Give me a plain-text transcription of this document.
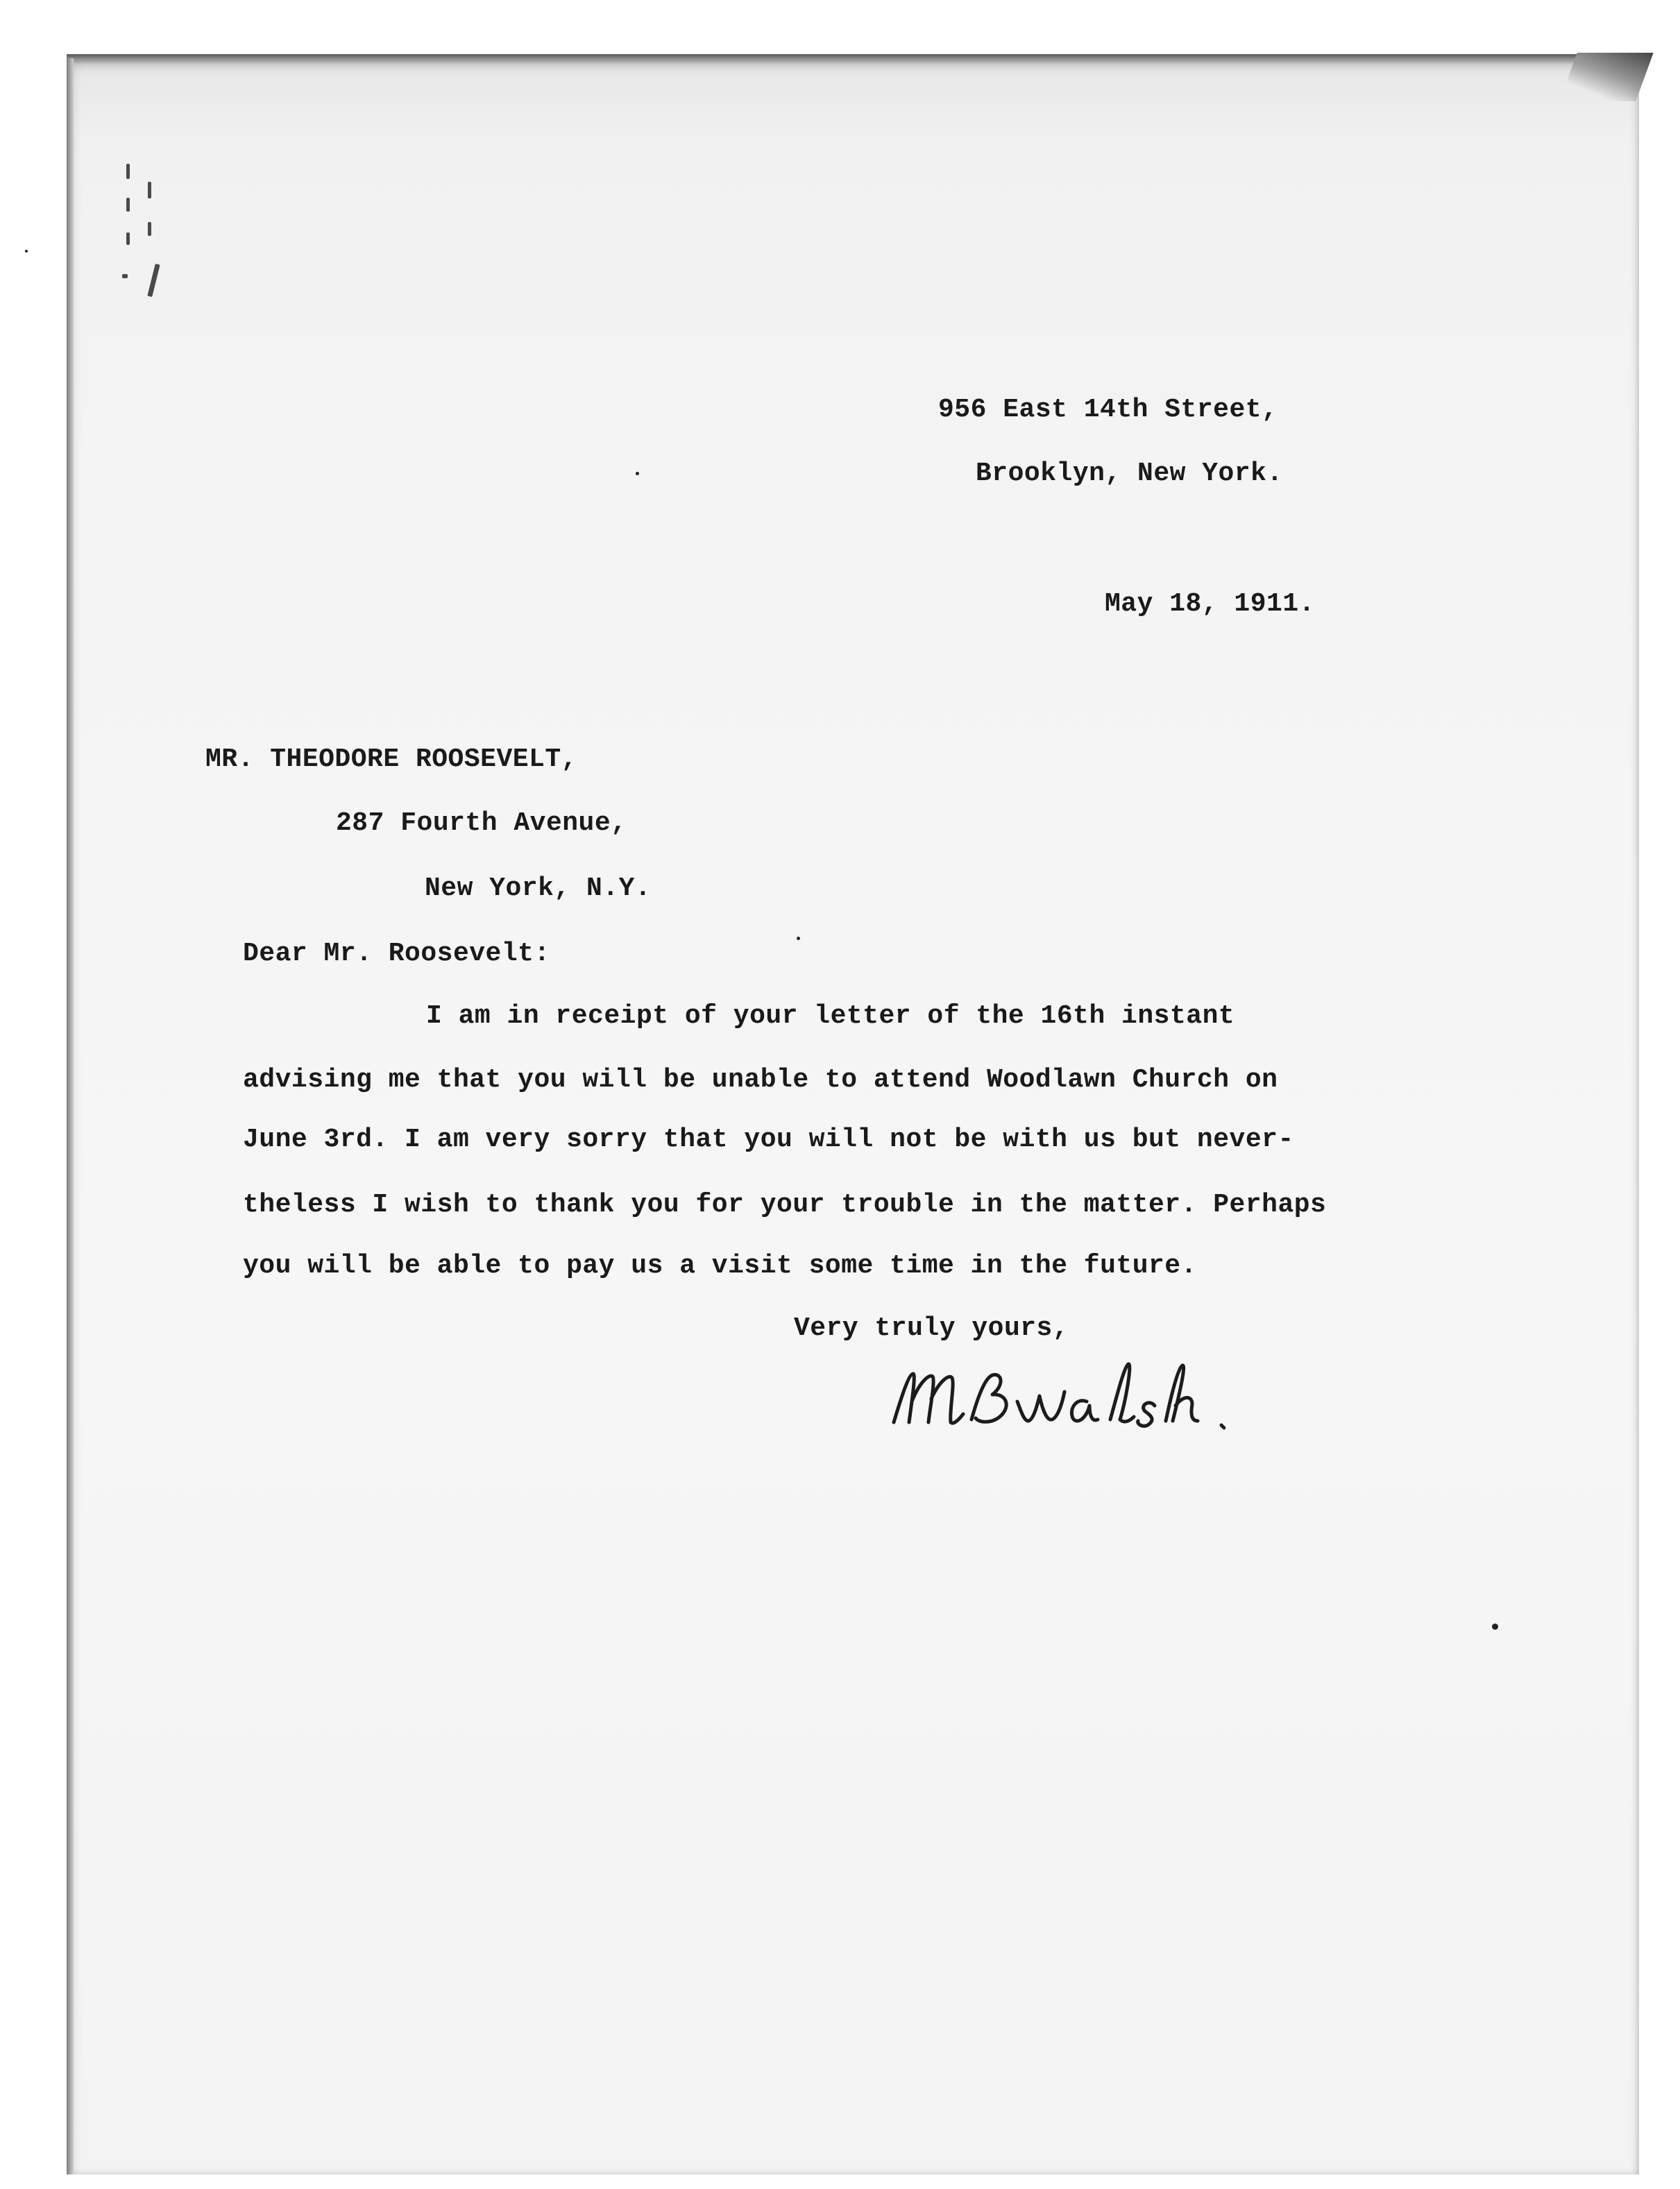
956 East 14th Street,
Brooklyn, New York.
May 18, 1911.
MR. THEODORE ROOSEVELT,
287 Fourth Avenue,
New York, N.Y.
Dear Mr. Roosevelt:
I am in receipt of your letter of the 16th instant
advising me that you will be unable to attend Woodlawn Church on
June 3rd. I am very sorry that you will not be with us but never-
theless I wish to thank you for your trouble in the matter. Perhaps
you will be able to pay us a visit some time in the future.
Very truly yours,
